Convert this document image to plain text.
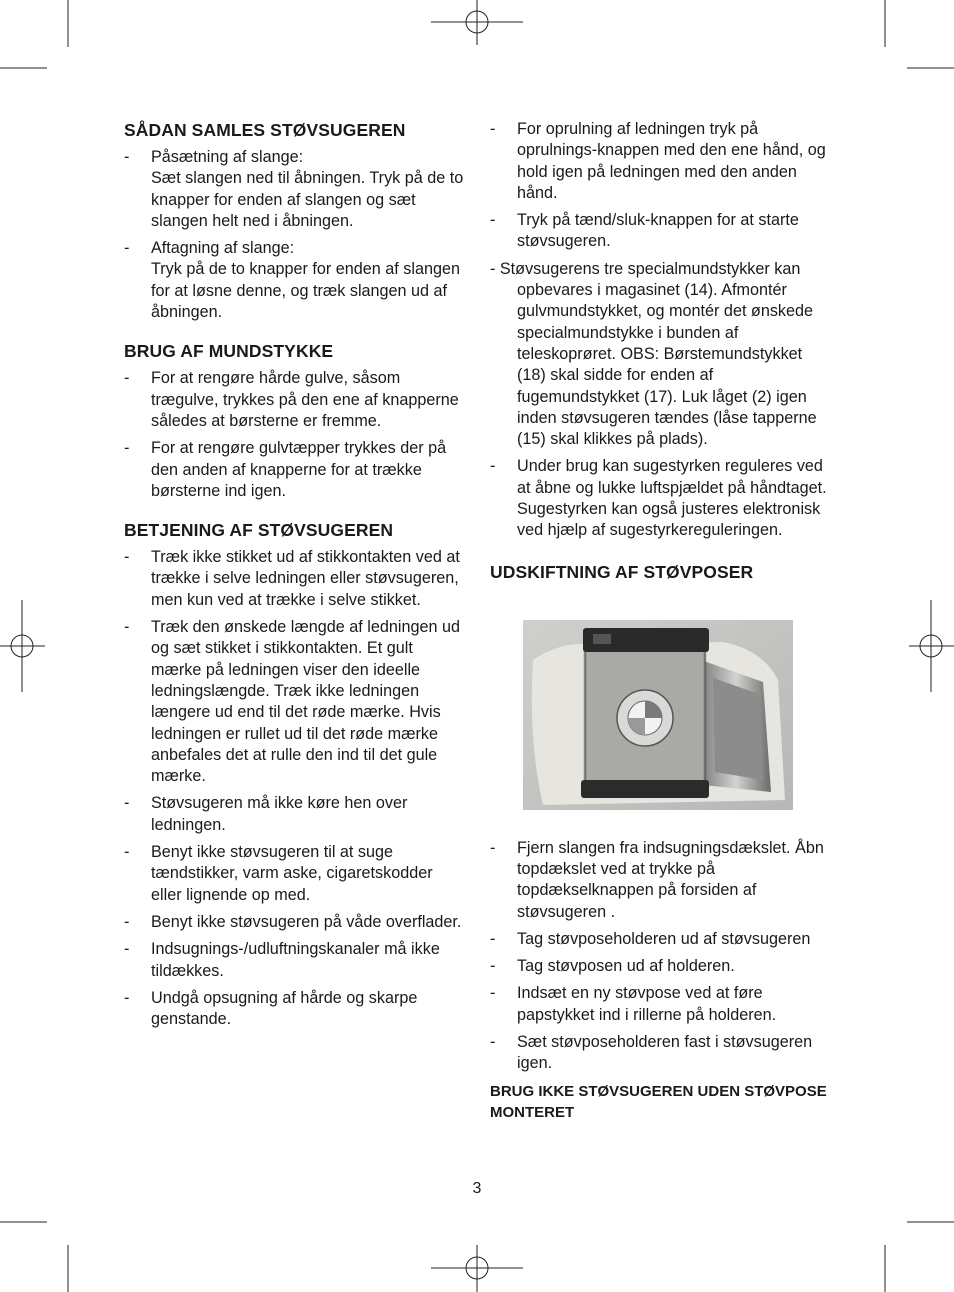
SÅDAN SAMLES STØVSUGEREN
- Påsætning af slange:
Sæt slangen ned til åbningen. Tryk på de to knapper for enden af slangen og sæt slangen helt ned i åbningen.
- Aftagning af slange:
Tryk på de to knapper for enden af slangen for at løsne denne, og træk slangen ud af åbningen.
BRUG AF MUNDSTYKKE
- For at rengøre hårde gulve, såsom trægulve, trykkes på den ene af knapperne således at børsterne er fremme.
- For at rengøre gulvtæpper trykkes der på den anden af knapperne for at trække børsterne ind igen.
BETJENING AF STØVSUGEREN
- Træk ikke stikket ud af stikkontakten ved at trække i selve ledningen eller støvsugeren, men kun ved at trække i selve stikket.
- Træk den ønskede længde af ledningen ud og sæt stikket i stikkontakten. Et gult mærke på ledningen viser den ideelle ledningslængde. Træk ikke ledningen længere ud end til det røde mærke. Hvis ledningen er rullet ud til det røde mærke anbefales det at rulle den ind til det gule mærke.
- Støvsugeren må ikke køre hen over ledningen.
- Benyt ikke støvsugeren til at suge tændstikker, varm aske, cigaretskodder eller lignende op med.
- Benyt ikke støvsugeren på våde overflader.
- Indsugnings-/udluftningskanaler må ikke tildækkes.
- Undgå opsugning af hårde og skarpe genstande.
- For oprulning af ledningen tryk på oprulnings-knappen med den ene hånd, og hold igen på ledningen med den anden hånd.
- Tryk på tænd/sluk-knappen for at starte støvsugeren.
- Støvsugerens tre specialmundstykker kan opbevares i magasinet (14). Afmontér gulvmundstykket, og montér det ønskede specialmundstykke i bunden af teleskoprøret. OBS: Børstemundstykket (18) skal sidde for enden af fugemundstykket (17). Luk låget (2) igen inden støvsugeren tændes (låse tapperne (15) skal klikkes på plads).
- Under brug kan sugestyrken reguleres ved at åbne og lukke luftspjældet på håndtaget. Sugestyrken kan også justeres elektronisk ved hjælp af sugestyrkereguleringen.
UDSKIFTNING AF STØVPOSER
- Fjern slangen fra indsugningsdækslet. Åbn topdækslet ved at trykke på topdækselknappen på forsiden af støvsugeren .
- Tag støvposeholderen ud af støvsugeren
- Tag støvposen ud af holderen.
- Indsæt en ny støvpose ved at føre papstykket ind i rillerne på holderen.
- Sæt støvposeholderen fast i støvsugeren igen.
BRUG IKKE STØVSUGEREN UDEN STØVPOSE MONTERET
3
